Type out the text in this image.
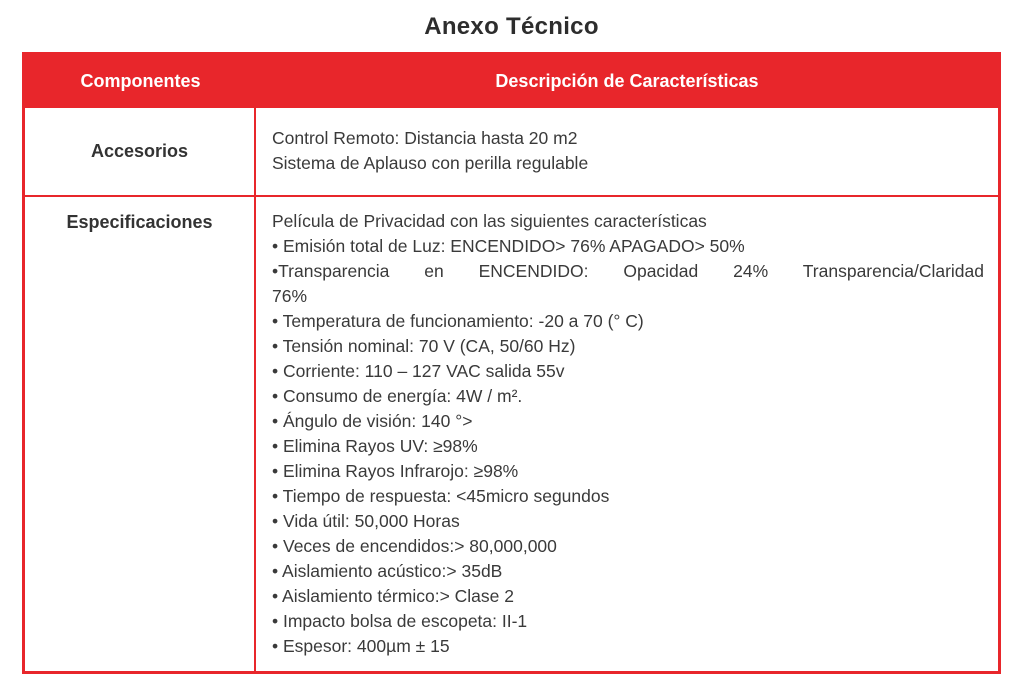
Anexo Técnico
Componentes	Descripción de Características
Accesorios
Control Remoto: Distancia hasta 20 m2
Sistema de Aplauso con perilla regulable
Especificaciones	Película de Privacidad con las siguientes características
• Emisión total de Luz: ENCENDIDO> 76% APAGADO> 50%
•Transparencia en ENCENDIDO: Opacidad 24% Transparencia/Claridad
76%
• Temperatura de funcionamiento: -20 a 70 (° C)
• Tensión nominal: 70 V (CA, 50/60 Hz)
• Corriente: 110 – 127 VAC salida 55v
• Consumo de energía: 4W / m².
• Ángulo de visión: 140 °>
• Elimina Rayos UV: ≥98%
• Elimina Rayos Infrarojo: ≥98%
• Tiempo de respuesta: <45micro segundos
• Vida útil: 50,000 Horas
• Veces de encendidos:> 80,000,000
• Aislamiento acústico:> 35dB
• Aislamiento térmico:> Clase 2
• Impacto bolsa de escopeta: II-1
• Espesor: 400µm ± 15
